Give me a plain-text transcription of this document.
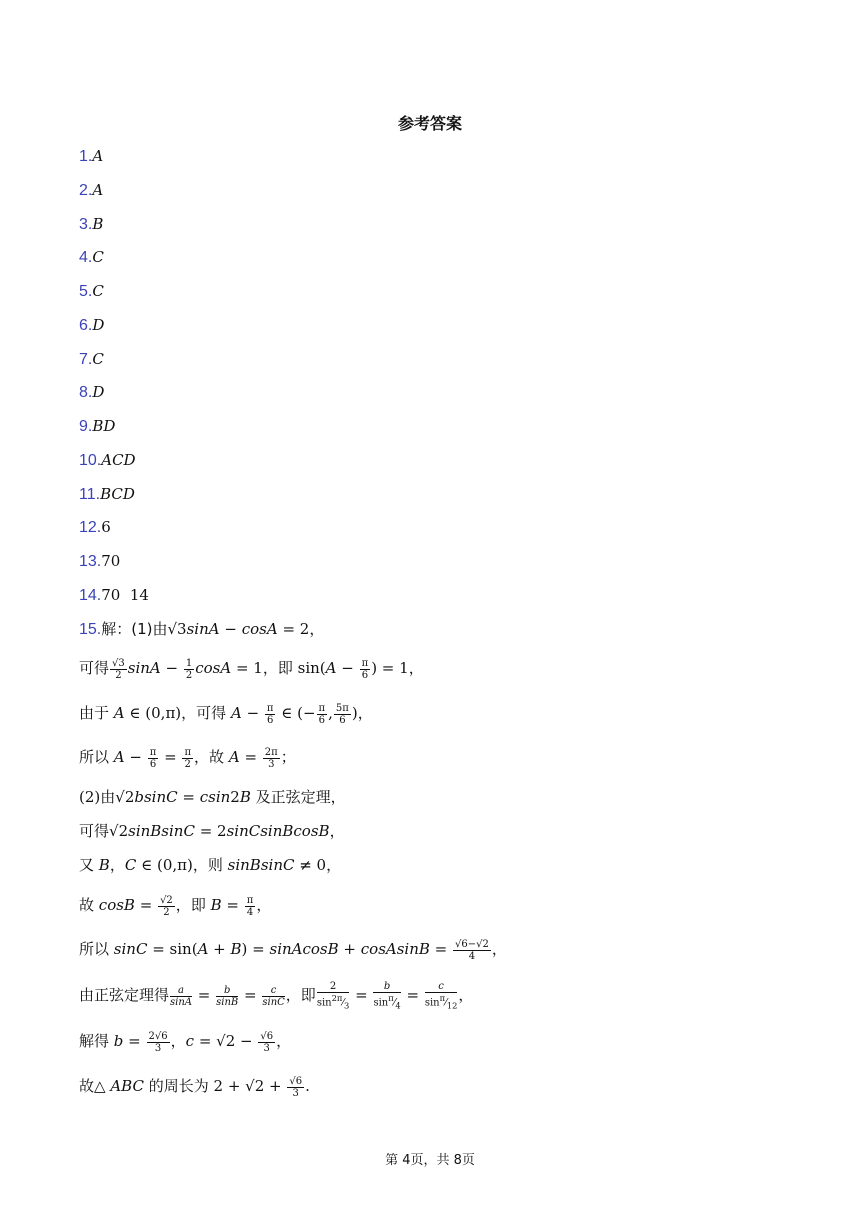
参考答案
1.A
2.A
3.B
4.C
5.C
6.D
7.C
8.D
9.BD
10.ACD
11.BCD
12.6
13.70
14.70  14
15.解：(1)由√3sinA − cosA = 2，
可得 $\frac{√3}{2}$ $\sin A - \frac{1}{2}$ cosA = 1，即 $\sin(A - \frac{\pi}{6}$ ) = 1，
由于 A ∈ (0,π)，可得 $A - \frac{\pi}{6}$ ∈ (− $\frac{\pi}{6}$ , $\frac{5\pi}{6}$ )，
所以 $A - \frac{\pi}{6} = \frac{\pi}{2}$ ，故 $A = \frac{2\pi}{3}$ ；
(2)由√2bsinC = csin2B 及正弦定理，
可得√2sinBsinC = 2sinCsinBcosB，
又 B，C ∈ (0,π)，则 sinBsinC ≠ 0，
故 $\cos B = \frac{√2}{2}$ ，即 $B = \frac{\pi}{4}$ ，
所以 sinC = sin(A + B) = sinAcosB + cosAsinB = $\frac{√6-√2}{4}$ ，
由正弦定理得 $\frac{a}{\sin A} = \frac{b}{\sin B} = \frac{c}{\sin C}$ ，即 $\frac{2}{\sin^{2\pi}⁄_3} = \frac{b}{\sin^\pi⁄_4} = \frac{c}{\sin^\pi⁄_{12}}$ ，
解得 $b = \frac{2√6}{3}$ ，$c = √2 - \frac{√6}{3}$ ，
故△ ABC 的周长为 $2 + √2 + \frac{√6}{3}$ .
第 4页，共 8页
